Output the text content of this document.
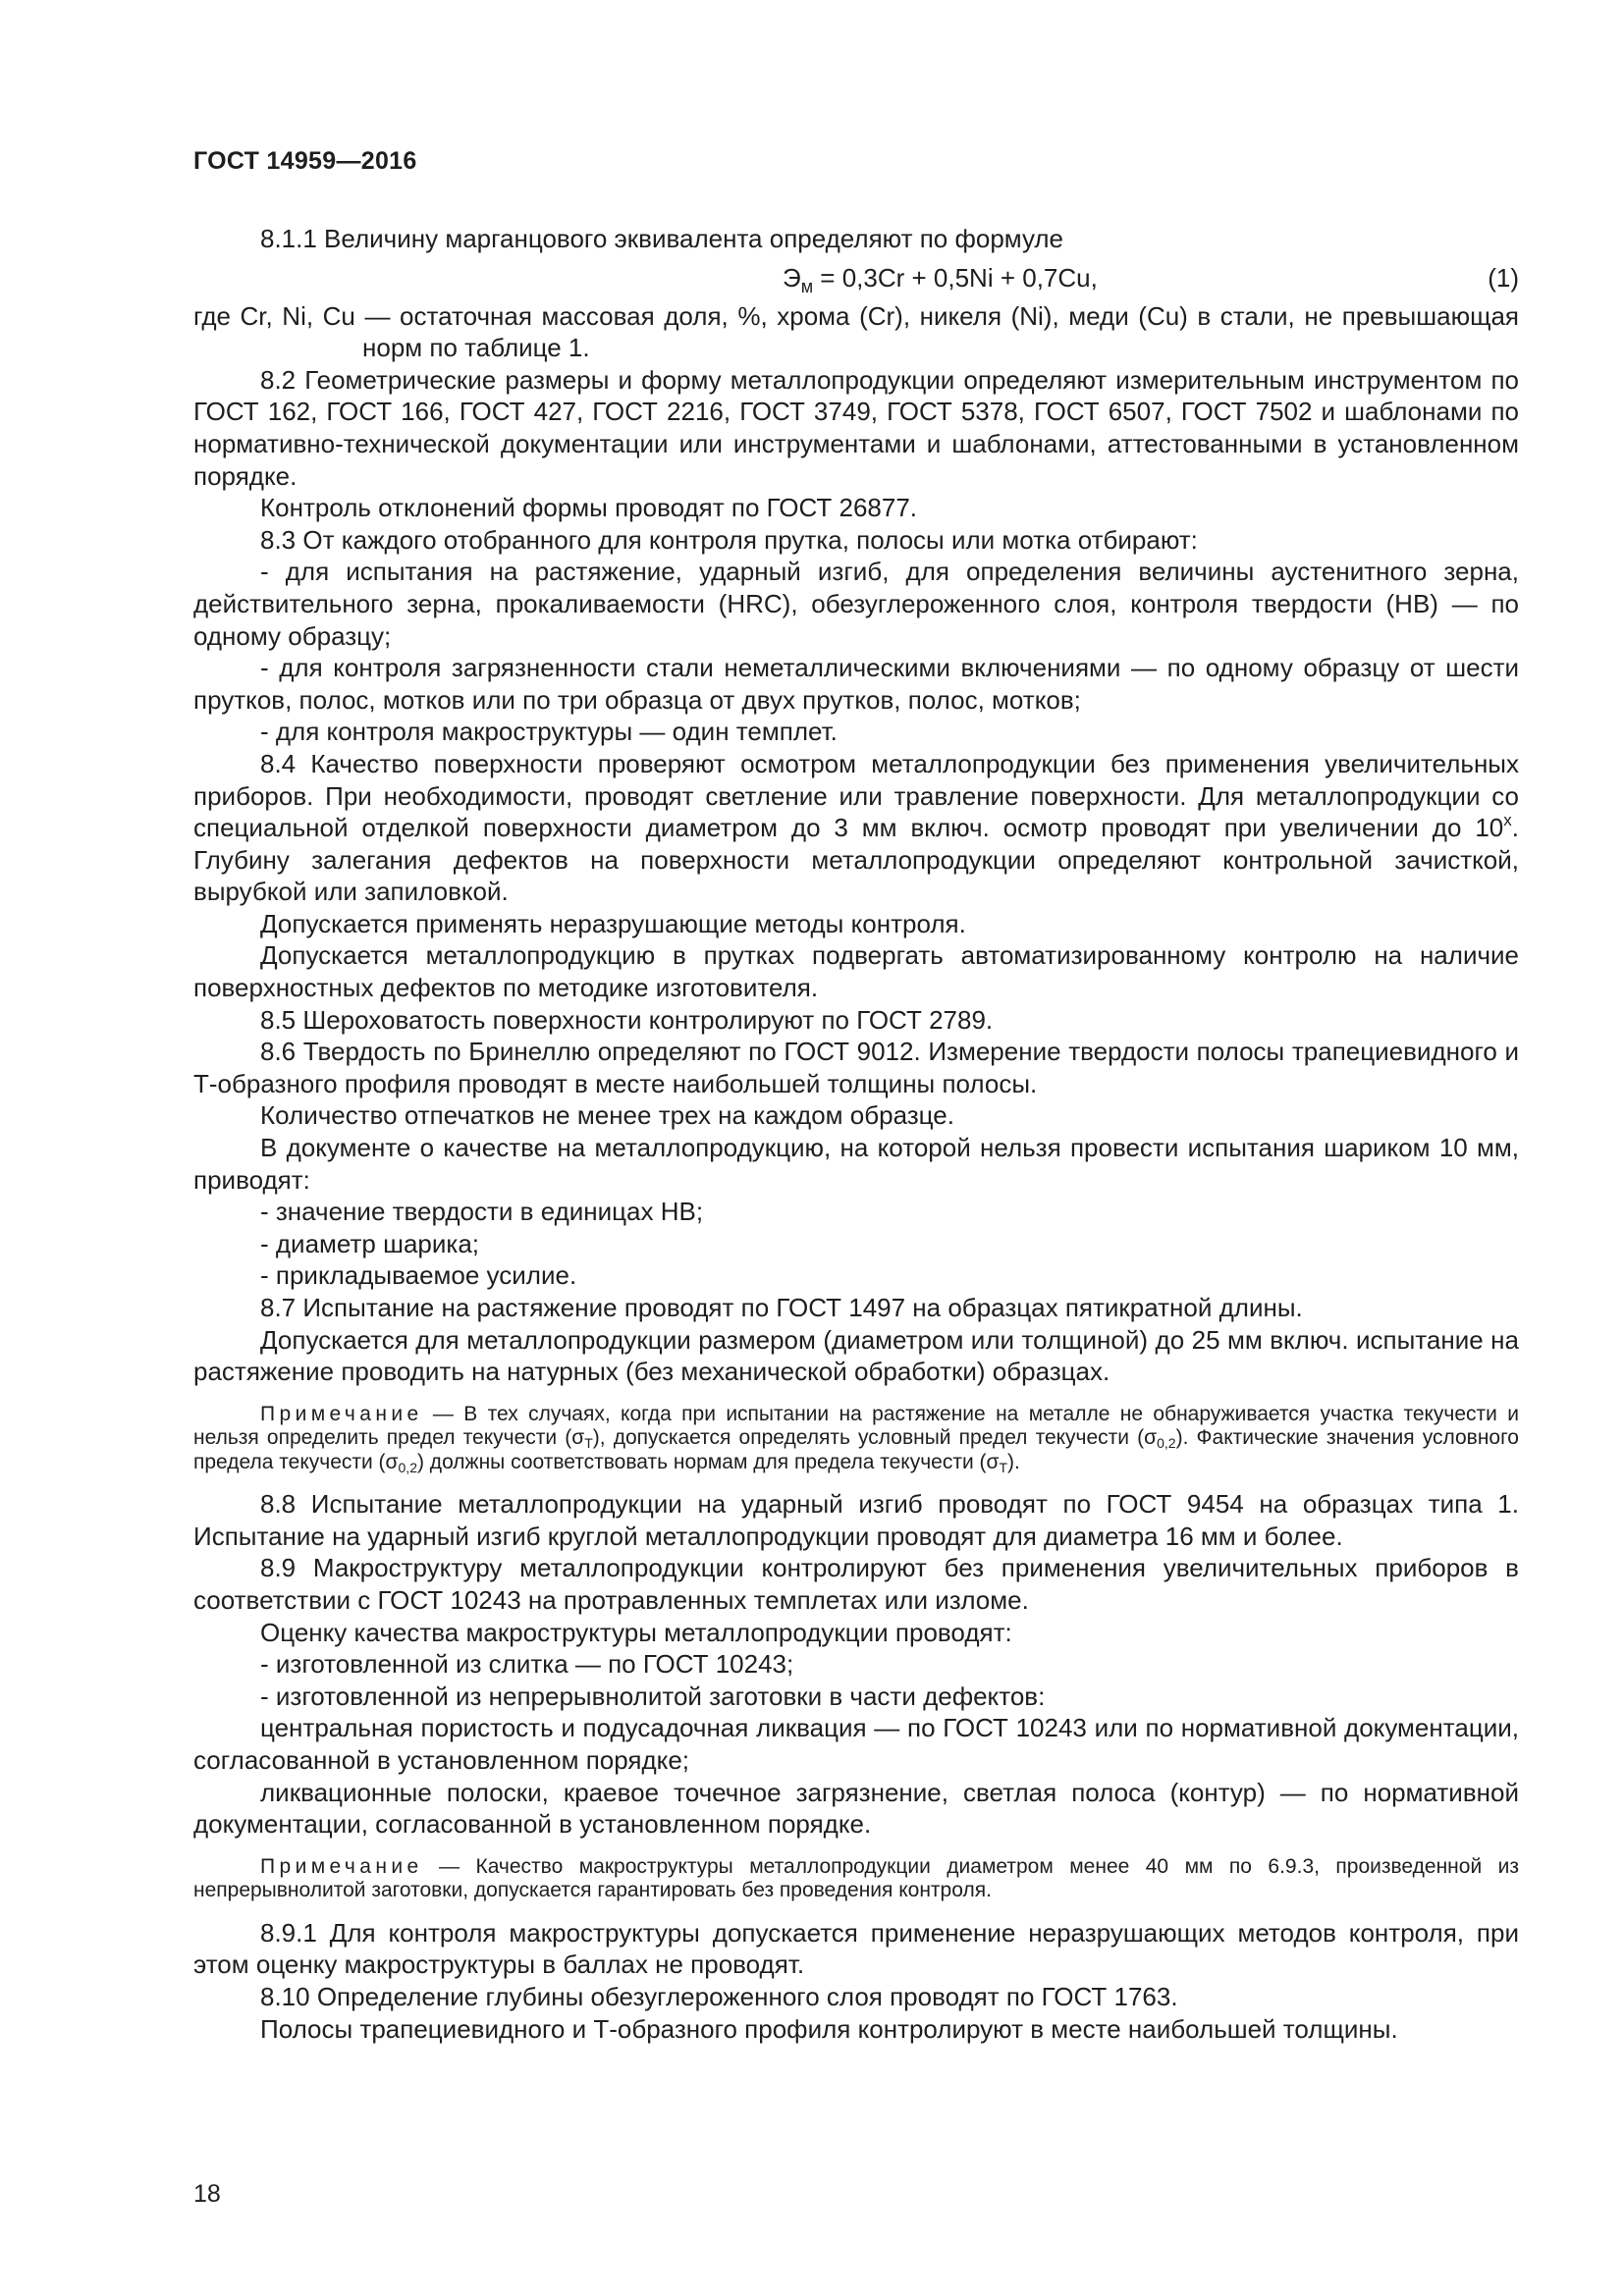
ГОСТ 14959—2016

8.1.1 Величину марганцового эквивалента определяют по формуле

$Э_м = 0,3Cr + 0,5Ni + 0,7Cu$,	(1)

где Cr, Ni, Cu — остаточная массовая доля, %, хрома (Cr), никеля (Ni), меди (Cu) в стали, не превышающая норм по таблице 1.

8.2 Геометрические размеры и форму металлопродукции определяют измерительным инструментом по ГОСТ 162, ГОСТ 166, ГОСТ 427, ГОСТ 2216, ГОСТ 3749, ГОСТ 5378, ГОСТ 6507, ГОСТ 7502 и шаблонами по нормативно-технической документации или инструментами и шаблонами, аттестованными в установленном порядке.

Контроль отклонений формы проводят по ГОСТ 26877.

8.3 От каждого отобранного для контроля прутка, полосы или мотка отбирают:

- для испытания на растяжение, ударный изгиб, для определения величины аустенитного зерна, действительного зерна, прокаливаемости (HRC), обезуглероженного слоя, контроля твердости (НВ) — по одному образцу;

- для контроля загрязненности стали неметаллическими включениями — по одному образцу от шести прутков, полос, мотков или по три образца от двух прутков, полос, мотков;

- для контроля макроструктуры — один темплет.

8.4 Качество поверхности проверяют осмотром металлопродукции без применения увеличительных приборов. При необходимости, проводят светление или травление поверхности. Для металлопродукции со специальной отделкой поверхности диаметром до 3 мм включ. осмотр проводят при увеличении до $10^х$. Глубину залегания дефектов на поверхности металлопродукции определяют контрольной зачисткой, вырубкой или запиловкой.

Допускается применять неразрушающие методы контроля.

Допускается металлопродукцию в прутках подвергать автоматизированному контролю на наличие поверхностных дефектов по методике изготовителя.

8.5 Шероховатость поверхности контролируют по ГОСТ 2789.

8.6 Твердость по Бринеллю определяют по ГОСТ 9012. Измерение твердости полосы трапециевидного и Т-образного профиля проводят в месте наибольшей толщины полосы.

Количество отпечатков не менее трех на каждом образце.

В документе о качестве на металлопродукцию, на которой нельзя провести испытания шариком 10 мм, приводят:

- значение твердости в единицах НВ;

- диаметр шарика;

- прикладываемое усилие.

8.7 Испытание на растяжение проводят по ГОСТ 1497 на образцах пятикратной длины.

Допускается для металлопродукции размером (диаметром или толщиной) до 25 мм включ. испытание на растяжение проводить на натурных (без механической обработки) образцах.

Примечание — В тех случаях, когда при испытании на растяжение на металле не обнаруживается участка текучести и нельзя определить предел текучести $(\sigma_Т)$, допускается определять условный предел текучести $(\sigma_{0,2})$. Фактические значения условного предела текучести $(\sigma_{0,2})$ должны соответствовать нормам для предела текучести $(\sigma_Т)$.

8.8 Испытание металлопродукции на ударный изгиб проводят по ГОСТ 9454 на образцах типа 1. Испытание на ударный изгиб круглой металлопродукции проводят для диаметра 16 мм и более.

8.9 Макроструктуру металлопродукции контролируют без применения увеличительных приборов в соответствии с ГОСТ 10243 на протравленных темплетах или изломе.

Оценку качества макроструктуры металлопродукции проводят:

- изготовленной из слитка — по ГОСТ 10243;

- изготовленной из непрерывнолитой заготовки в части дефектов:

центральная пористость и подусадочная ликвация — по ГОСТ 10243 или по нормативной документации, согласованной в установленном порядке;

ликвационные полоски, краевое точечное загрязнение, светлая полоса (контур) — по нормативной документации, согласованной в установленном порядке.

Примечание — Качество макроструктуры металлопродукции диаметром менее 40 мм по 6.9.3, произведенной из непрерывнолитой заготовки, допускается гарантировать без проведения контроля.

8.9.1 Для контроля макроструктуры допускается применение неразрушающих методов контроля, при этом оценку макроструктуры в баллах не проводят.

8.10 Определение глубины обезуглероженного слоя проводят по ГОСТ 1763.

Полосы трапециевидного и Т-образного профиля контролируют в месте наибольшей толщины.

18
